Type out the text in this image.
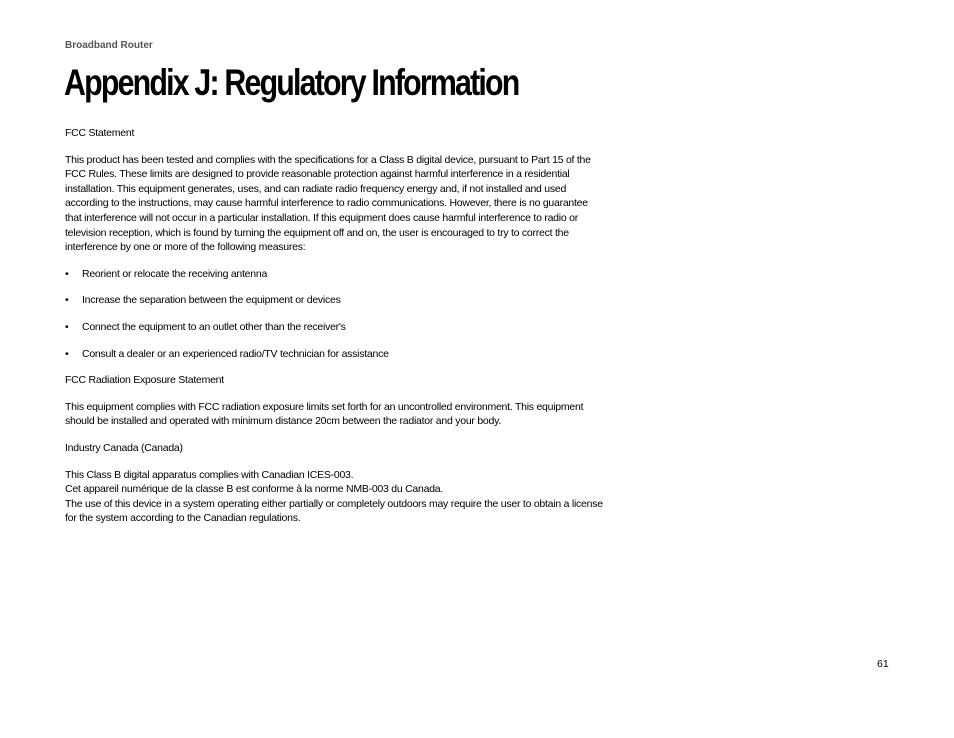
Broadband Router
Appendix J: Regulatory Information

FCC Statement

This product has been tested and complies with the specifications for a Class B digital device, pursuant to Part 15 of the FCC Rules. These limits are designed to provide reasonable protection against harmful interference in a residential installation. This equipment generates, uses, and can radiate radio frequency energy and, if not installed and used according to the instructions, may cause harmful interference to radio communications. However, there is no guarantee that interference will not occur in a particular installation. If this equipment does cause harmful interference to radio or television reception, which is found by turning the equipment off and on, the user is encouraged to try to correct the interference by one or more of the following measures:

• Reorient or relocate the receiving antenna
• Increase the separation between the equipment or devices
• Connect the equipment to an outlet other than the receiver's
• Consult a dealer or an experienced radio/TV technician for assistance

FCC Radiation Exposure Statement

This equipment complies with FCC radiation exposure limits set forth for an uncontrolled environment. This equipment should be installed and operated with minimum distance 20cm between the radiator and your body.

Industry Canada (Canada)

This Class B digital apparatus complies with Canadian ICES-003.
Cet appareil numérique de la classe B est conforme à la norme NMB-003 du Canada.
The use of this device in a system operating either partially or completely outdoors may require the user to obtain a license for the system according to the Canadian regulations.

61
